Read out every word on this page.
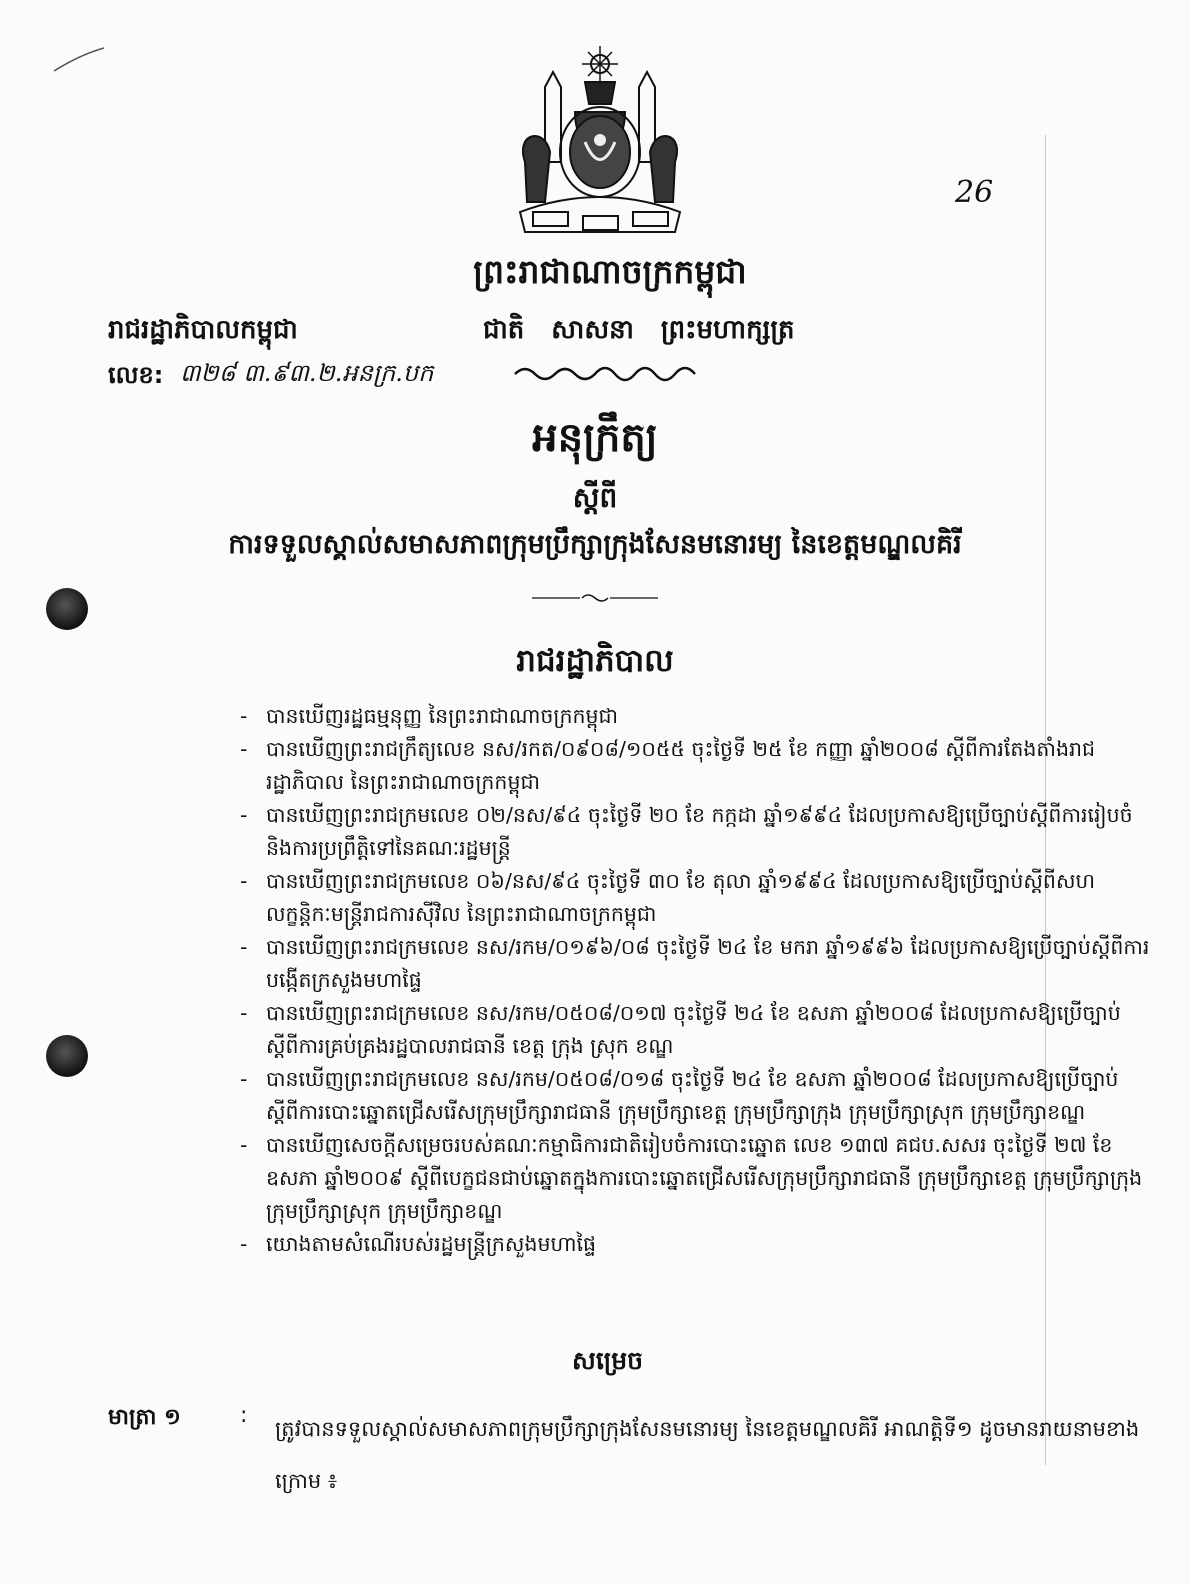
26
ព្រះរាជាណាចក្រកម្ពុជា
រាជរដ្ឋាភិបាលកម្ពុជា	ជាតិ សាសនា ព្រះមហាក្សត្រ
លេខ: ៣២៨ ៣.៩៣.២.អនក្រ.បក
អនុក្រឹត្យ
ស្តីពី
ការទទួលស្គាល់សមាសភាពក្រុមប្រឹក្សាក្រុងសែនមនោរម្យ នៃខេត្តមណ្ឌលគិរី
រាជរដ្ឋាភិបាល
- បានឃើញរដ្ឋធម្មនុញ្ញ នៃព្រះរាជាណាចក្រកម្ពុជា
- បានឃើញព្រះរាជក្រឹត្យលេខ នស/រកត/០៩០៨/១០៥៥ ចុះថ្ងៃទី ២៥ ខែ កញ្ញា ឆ្នាំ២០០៨ ស្តីពីការតែងតាំងរាជរដ្ឋាភិបាល នៃព្រះរាជាណាចក្រកម្ពុជា
- បានឃើញព្រះរាជក្រមលេខ ០២/នស/៩៤ ចុះថ្ងៃទី ២០ ខែ កក្កដា ឆ្នាំ១៩៩៤ ដែលប្រកាសឱ្យប្រើច្បាប់ស្តីពីការរៀបចំ និងការប្រព្រឹត្តិទៅនៃគណៈរដ្ឋមន្ត្រី
- បានឃើញព្រះរាជក្រមលេខ ០៦/នស/៩៤ ចុះថ្ងៃទី ៣០ ខែ តុលា ឆ្នាំ១៩៩៤ ដែលប្រកាសឱ្យប្រើច្បាប់ស្តីពីសហលក្ខន្តិកៈមន្ត្រីរាជការស៊ីវិល នៃព្រះរាជាណាចក្រកម្ពុជា
- បានឃើញព្រះរាជក្រមលេខ នស/រកម/០១៩៦/០៨ ចុះថ្ងៃទី ២៤ ខែ មករា ឆ្នាំ១៩៩៦ ដែលប្រកាសឱ្យប្រើច្បាប់ស្តីពីការបង្កើតក្រសួងមហាផ្ទៃ
- បានឃើញព្រះរាជក្រមលេខ នស/រកម/០៥០៨/០១៧ ចុះថ្ងៃទី ២៤ ខែ ឧសភា ឆ្នាំ២០០៨ ដែលប្រកាសឱ្យប្រើច្បាប់ស្តីពីការគ្រប់គ្រងរដ្ឋបាលរាជធានី ខេត្ត ក្រុង ស្រុក ខណ្ឌ
- បានឃើញព្រះរាជក្រមលេខ នស/រកម/០៥០៨/០១៨ ចុះថ្ងៃទី ២៤ ខែ ឧសភា ឆ្នាំ២០០៨ ដែលប្រកាសឱ្យប្រើច្បាប់ស្តីពីការបោះឆ្នោតជ្រើសរើសក្រុមប្រឹក្សារាជធានី ក្រុមប្រឹក្សាខេត្ត ក្រុមប្រឹក្សាក្រុង ក្រុមប្រឹក្សាស្រុក ក្រុមប្រឹក្សាខណ្ឌ
- បានឃើញសេចក្តីសម្រេចរបស់គណៈកម្មាធិការជាតិរៀបចំការបោះឆ្នោត លេខ ១៣៧ គជប.សសរ ចុះថ្ងៃទី ២៧ ខែ ឧសភា ឆ្នាំ២០០៩ ស្តីពីបេក្ខជនជាប់ឆ្នោតក្នុងការបោះឆ្នោតជ្រើសរើសក្រុមប្រឹក្សារាជធានី ក្រុមប្រឹក្សាខេត្ត ក្រុមប្រឹក្សាក្រុង ក្រុមប្រឹក្សាស្រុក ក្រុមប្រឹក្សាខណ្ឌ
- យោងតាមសំណើរបស់រដ្ឋមន្ត្រីក្រសួងមហាផ្ទៃ
សម្រេច
មាត្រា ១	:
ត្រូវបានទទួលស្គាល់សមាសភាពក្រុមប្រឹក្សាក្រុងសែនមនោរម្យ នៃខេត្តមណ្ឌលគិរី អាណត្តិទី១ ដូចមានរាយនាមខាងក្រោម ៖
